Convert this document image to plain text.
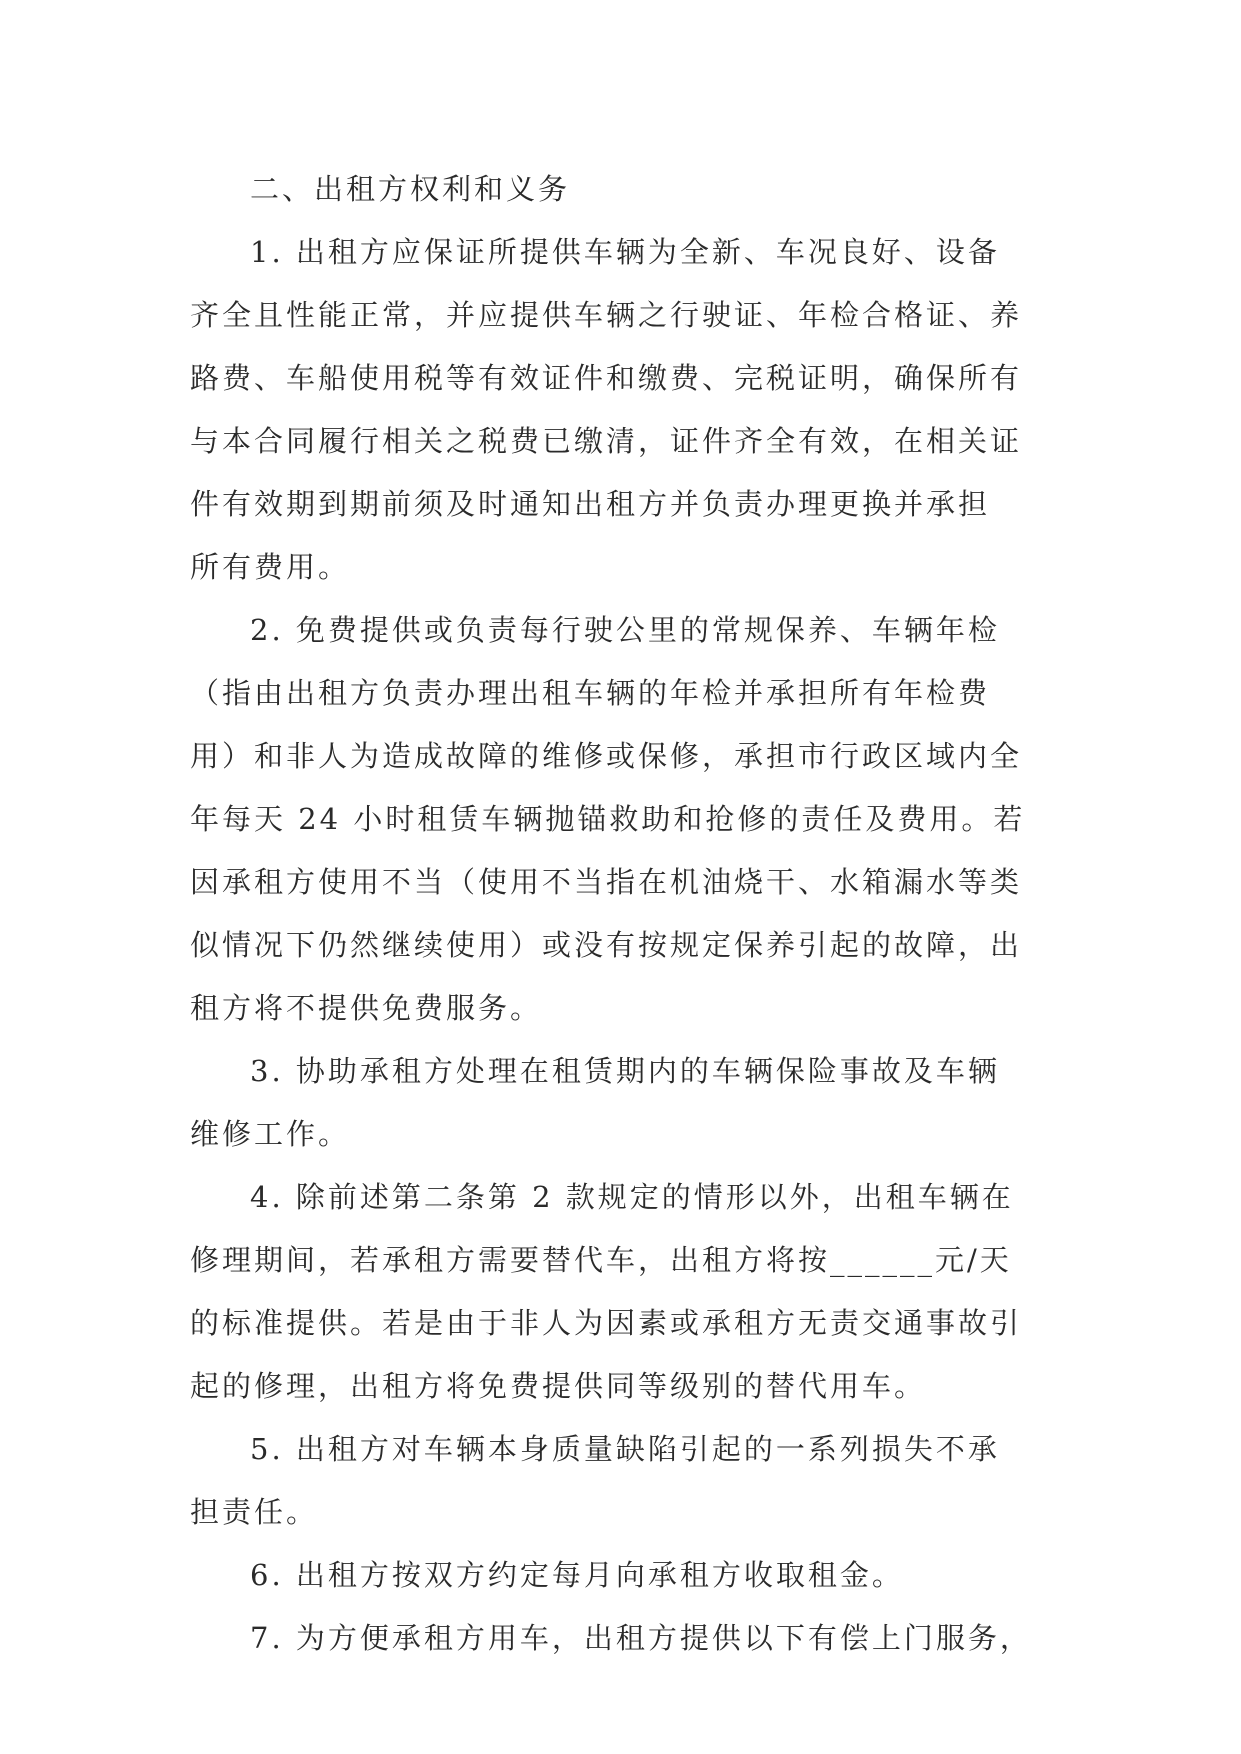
二、出租方权利和义务
1. 出租方应保证所提供车辆为全新、车况良好、设备
齐全且性能正常，并应提供车辆之行驶证、年检合格证、养
路费、车船使用税等有效证件和缴费、完税证明，确保所有
与本合同履行相关之税费已缴清，证件齐全有效，在相关证
件有效期到期前须及时通知出租方并负责办理更换并承担
所有费用。
2. 免费提供或负责每行驶公里的常规保养、车辆年检
（指由出租方负责办理出租车辆的年检并承担所有年检费
用）和非人为造成故障的维修或保修，承担市行政区域内全
年每天 24 小时租赁车辆抛锚救助和抢修的责任及费用。若
因承租方使用不当（使用不当指在机油烧干、水箱漏水等类
似情况下仍然继续使用）或没有按规定保养引起的故障，出
租方将不提供免费服务。
3. 协助承租方处理在租赁期内的车辆保险事故及车辆
维修工作。
4. 除前述第二条第 2 款规定的情形以外，出租车辆在
修理期间，若承租方需要替代车，出租方将按______元/天
的标准提供。若是由于非人为因素或承租方无责交通事故引
起的修理，出租方将免费提供同等级别的替代用车。
5. 出租方对车辆本身质量缺陷引起的一系列损失不承
担责任。
6. 出租方按双方约定每月向承租方收取租金。
7. 为方便承租方用车，出租方提供以下有偿上门服务，
